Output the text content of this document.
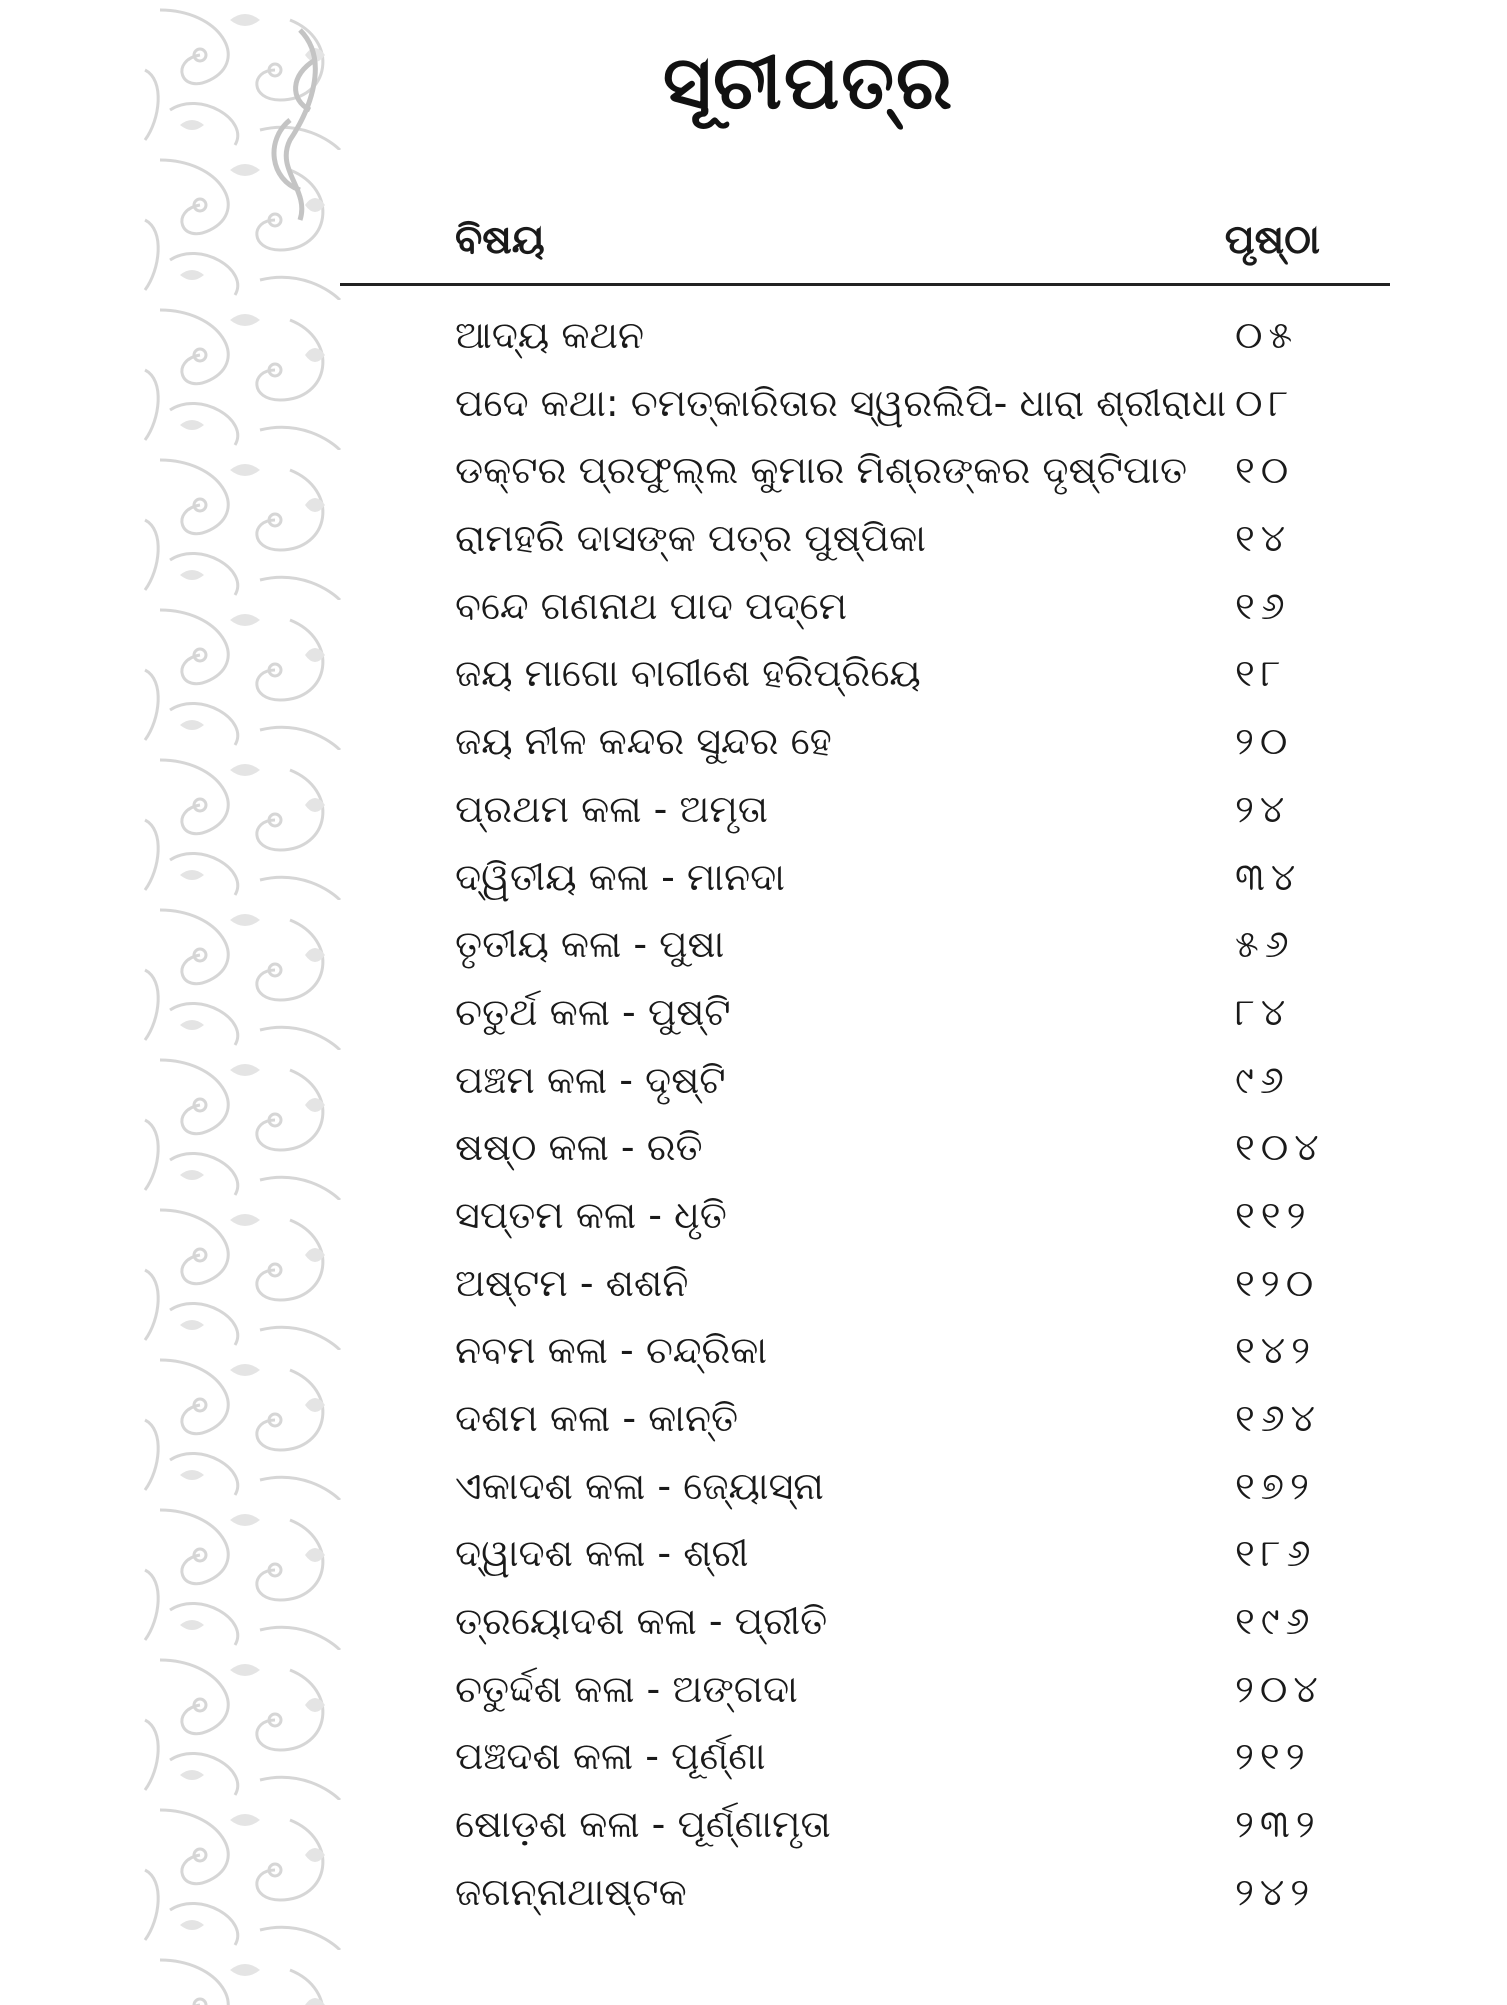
ସୂଚୀପତ୍ର
ବିଷୟ	ପୃଷ୍ଠା
ଆଦ୍ୟ କଥନ	୦୫
ପଦେ କଥା: ଚମତ୍କାରିତାର ସ୍ୱରଲିପି- ଧାରା ଶ୍ରୀରାଧା ୦୮
ଡକ୍ଟର ପ୍ରଫୁଲ୍ଲ କୁମାର ମିଶ୍ରଙ୍କର ଦୃଷ୍ଟିପାତ ୧୦
ରାମହରି ଦାସଙ୍କ ପତ୍ର ପୁଷ୍ପିକା	୧୪
ବନ୍ଦେ ଗଣନାଥ ପାଦ ପଦ୍ମେ	୧୬
ଜୟ ମାଗୋ ବାଗୀଶେ ହରିପ୍ରିୟେ	୧୮
ଜୟ ନୀଳ କନ୍ଦର ସୁନ୍ଦର ହେ	୨୦
ପ୍ରଥମ କଳା - ଅମୃତା	୨୪
ଦ୍ୱିତୀୟ କଳା - ମାନଦା	୩୪
ତୃତୀୟ କଳା - ପୁଷା	୫୬
ଚତୁର୍ଥ କଳା - ପୁଷ୍ଟି	୮୪
ପଞ୍ଚମ କଳା - ଦୃଷ୍ଟି	୯୬
ଷଷ୍ଠ କଳା - ରତି	୧୦୪
ସପ୍ତମ କଳା - ଧୃତି	୧୧୨
ଅଷ୍ଟମ - ଶଶନି	୧୨୦
ନବମ କଳା - ଚନ୍ଦ୍ରିକା	୧୪୨
ଦଶମ କଳା - କାନ୍ତି	୧୬୪
ଏକାଦଶ କଳା - ଜ୍ୟୋସ୍ନା	୧୭୨
ଦ୍ୱାଦଶ କଳା - ଶ୍ରୀ	୧୮୬
ତ୍ରୟୋଦଶ କଳା - ପ୍ରୀତି	୧୯୬
ଚତୁର୍ଦ୍ଦଶ କଳା - ଅଙ୍ଗଦା	୨୦୪
ପଞ୍ଚଦଶ କଳା - ପୂର୍ଣ୍ଣା	୨୧୨
ଷୋଡ଼ଶ କଳା - ପୂର୍ଣ୍ଣାମୃତା	୨୩୨
ଜଗନ୍ନାଥାଷ୍ଟକ	୨୪୨
